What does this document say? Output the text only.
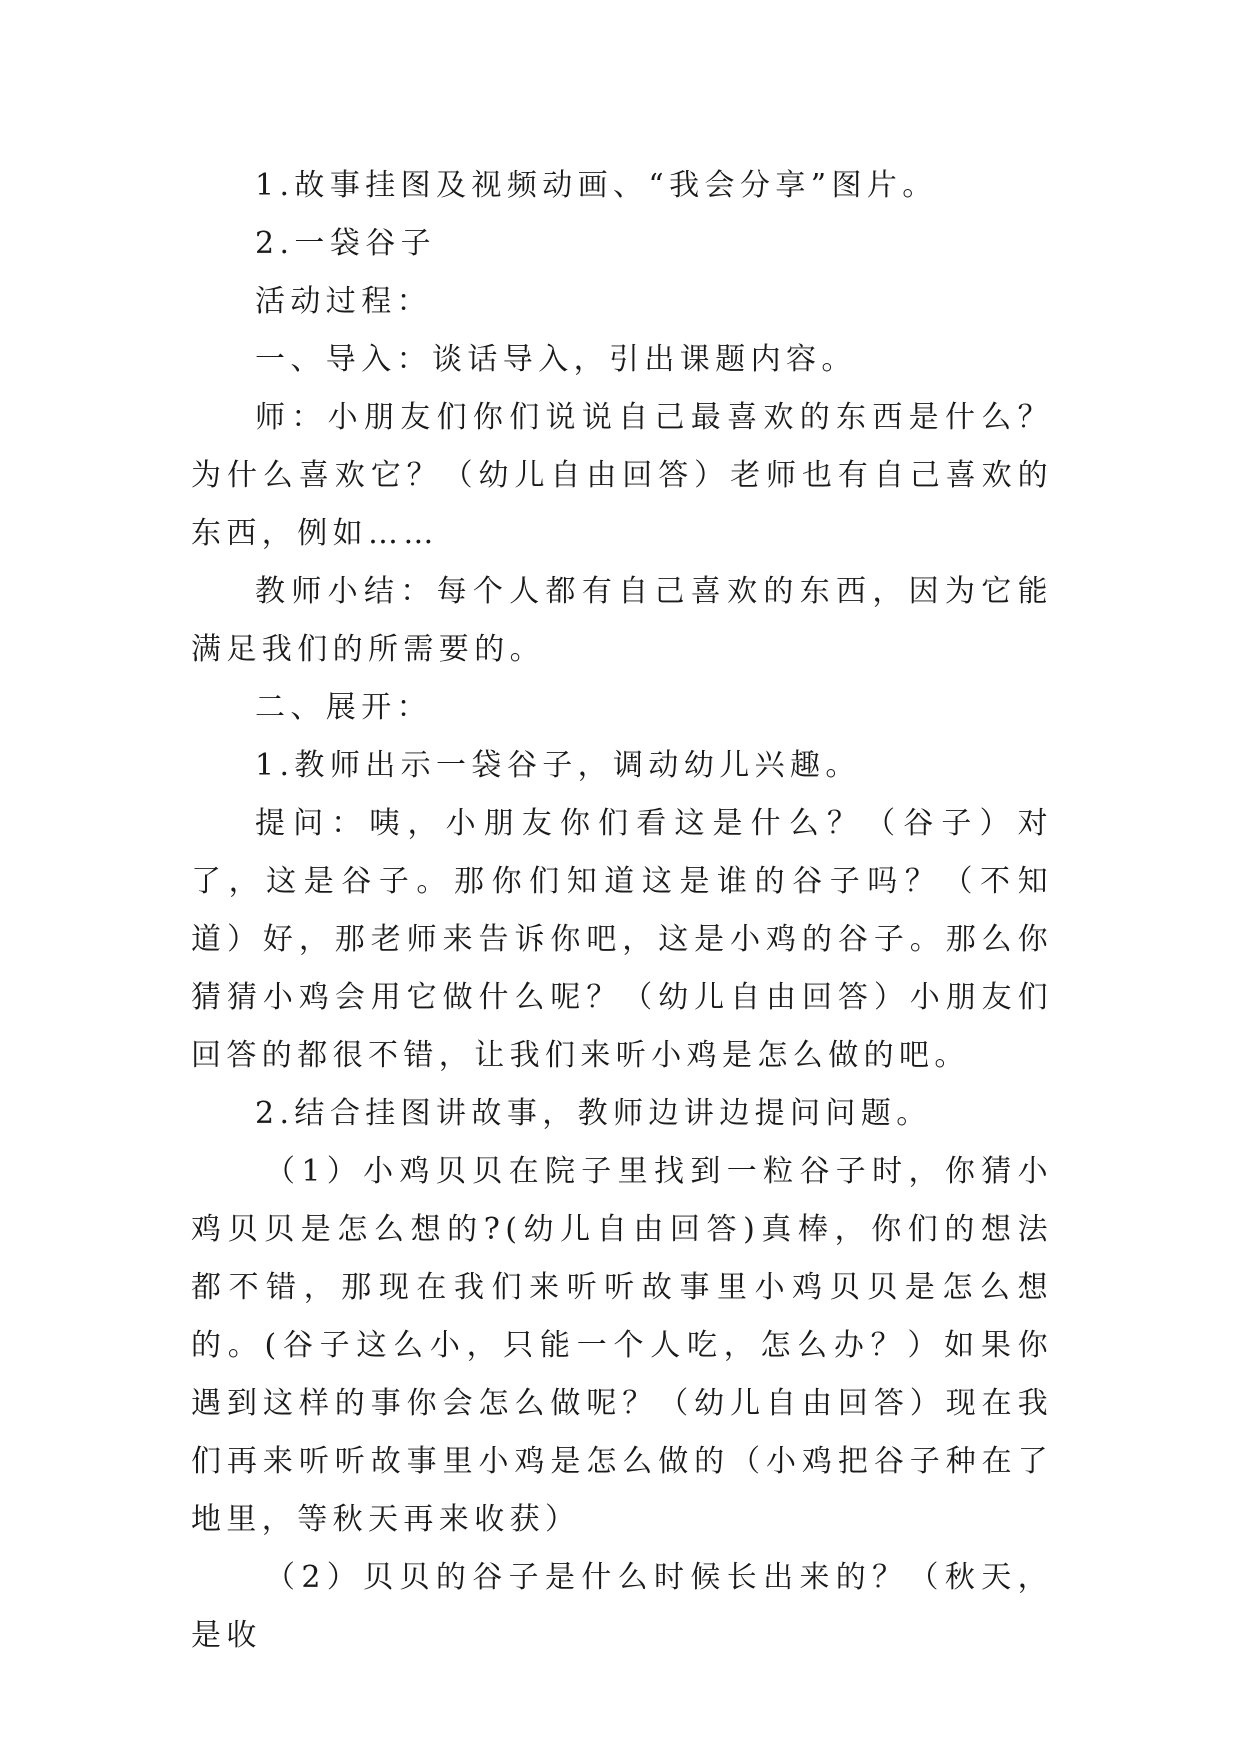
1.故事挂图及视频动画、“我会分享”图片。

2.一袋谷子

活动过程：

一、导入：谈话导入，引出课题内容。

师：小朋友们你们说说自己最喜欢的东西是什么？为什么喜欢它？（幼儿自由回答）老师也有自己喜欢的东西，例如……

教师小结：每个人都有自己喜欢的东西，因为它能满足我们的所需要的。

二、展开：

1.教师出示一袋谷子，调动幼儿兴趣。

提问：咦，小朋友你们看这是什么？（谷子）对了，这是谷子。那你们知道这是谁的谷子吗？（不知道）好，那老师来告诉你吧，这是小鸡的谷子。那么你猜猜小鸡会用它做什么呢？（幼儿自由回答）小朋友们回答的都很不错，让我们来听小鸡是怎么做的吧。

2.结合挂图讲故事，教师边讲边提问问题。

（1）小鸡贝贝在院子里找到一粒谷子时，你猜小鸡贝贝是怎么想的?(幼儿自由回答)真棒，你们的想法都不错，那现在我们来听听故事里小鸡贝贝是怎么想的。(谷子这么小，只能一个人吃，怎么办？）如果你遇到这样的事你会怎么做呢？（幼儿自由回答）现在我们再来听听故事里小鸡是怎么做的（小鸡把谷子种在了地里，等秋天再来收获）

（2）贝贝的谷子是什么时候长出来的？（秋天，是收
